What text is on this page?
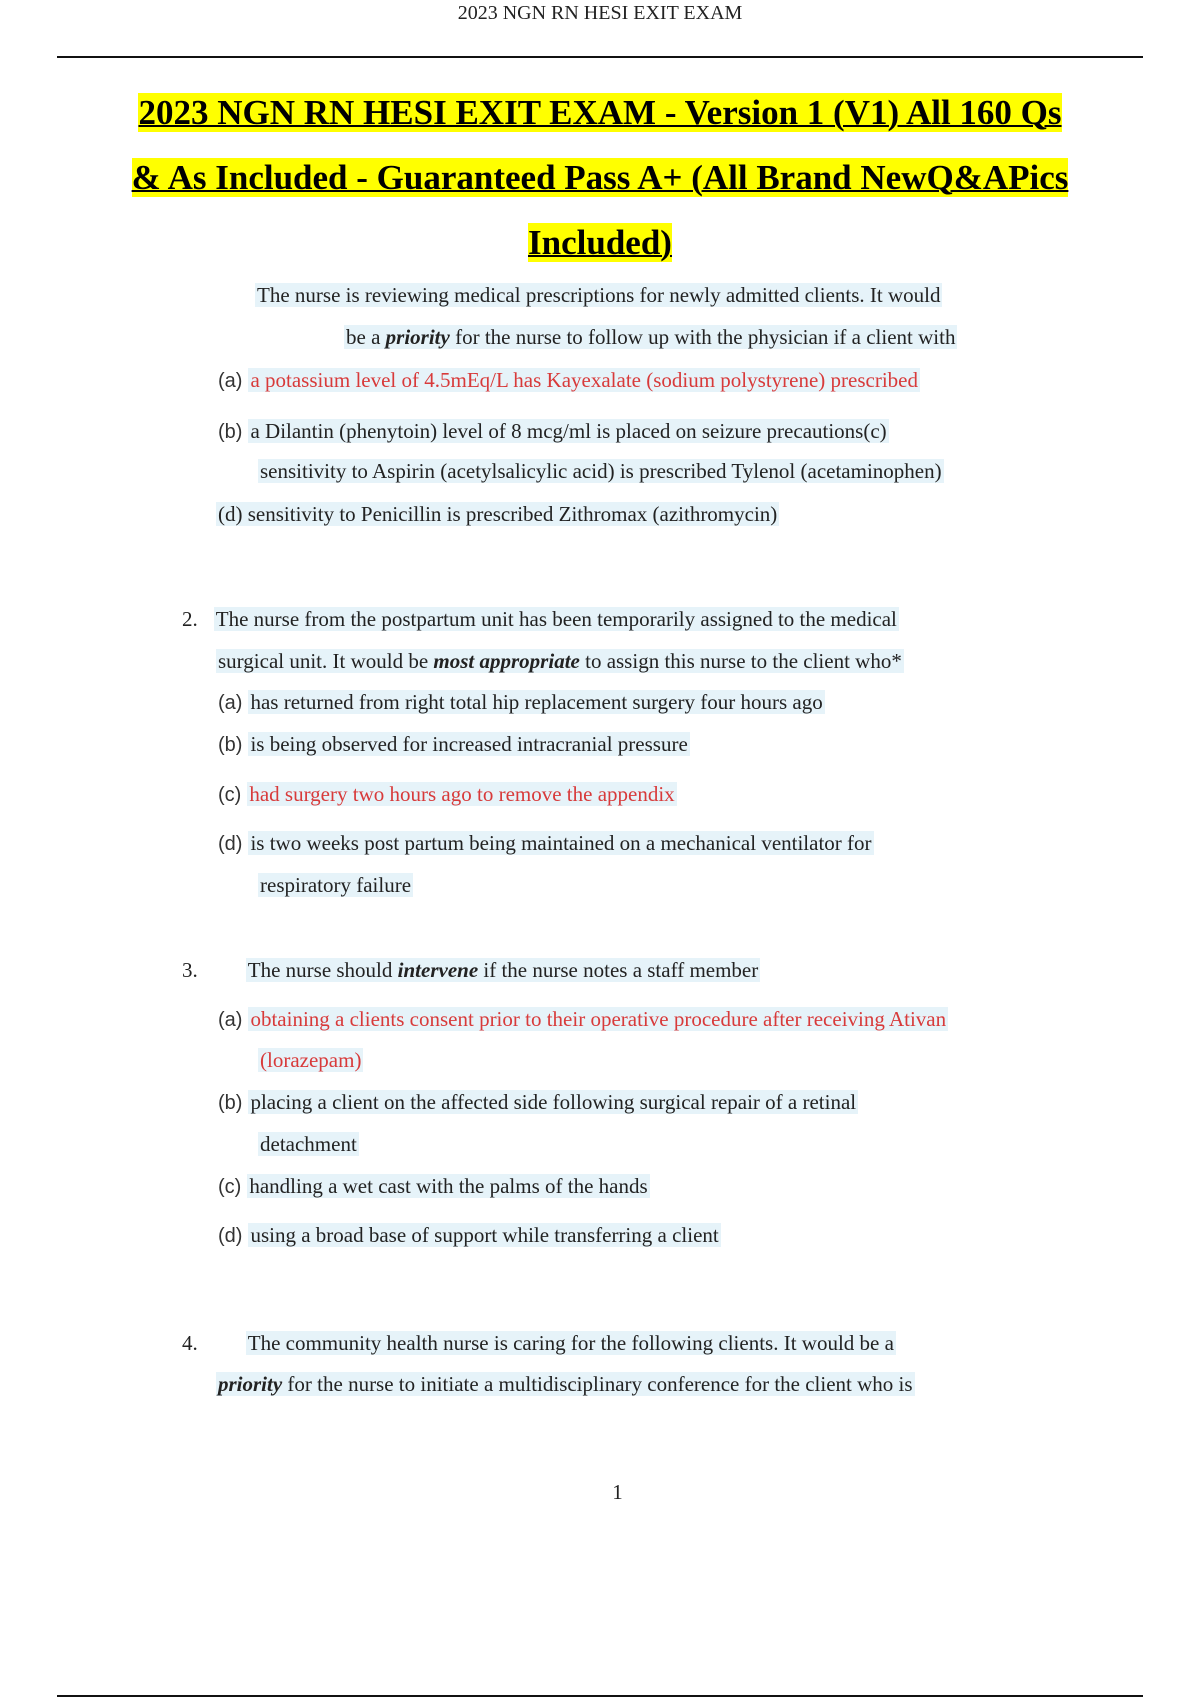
2023 NGN RN HESI EXIT EXAM
2023 NGN RN HESI EXIT EXAM - Version 1 (V1) All 160 Qs
& As Included - Guaranteed Pass A+ (All Brand NewQ&APics
Included)
The nurse is reviewing medical prescriptions for newly admitted clients. It would
be a priority for the nurse to follow up with the physician if a client with
(a) a potassium level of 4.5mEq/L has Kayexalate (sodium polystyrene) prescribed
(b) a Dilantin (phenytoin) level of 8 mcg/ml is placed on seizure precautions(c)
sensitivity to Aspirin (acetylsalicylic acid) is prescribed Tylenol (acetaminophen)
(d) sensitivity to Penicillin is prescribed Zithromax (azithromycin)
2. The nurse from the postpartum unit has been temporarily assigned to the medical
surgical unit. It would be most appropriate to assign this nurse to the client who*
(a) has returned from right total hip replacement surgery four hours ago
(b) is being observed for increased intracranial pressure
(c) had surgery two hours ago to remove the appendix
(d) is two weeks post partum being maintained on a mechanical ventilator for
respiratory failure
3. The nurse should intervene if the nurse notes a staff member
(a) obtaining a clients consent prior to their operative procedure after receiving Ativan
(lorazepam)
(b) placing a client on the affected side following surgical repair of a retinal
detachment
(c) handling a wet cast with the palms of the hands
(d) using a broad base of support while transferring a client
4. The community health nurse is caring for the following clients. It would be a
priority for the nurse to initiate a multidisciplinary conference for the client who is
1
